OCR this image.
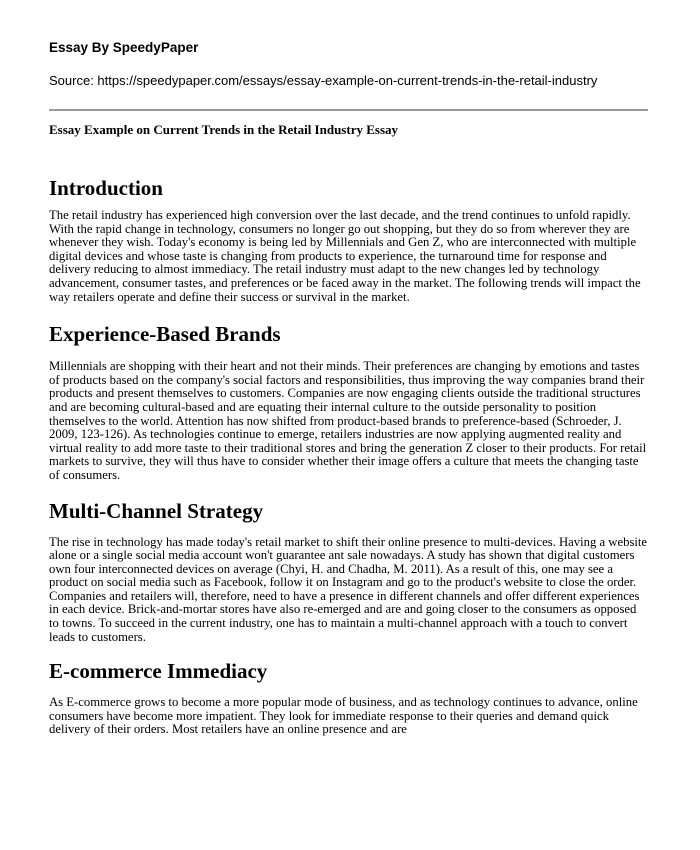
Essay By SpeedyPaper
Source: https://speedypaper.com/essays/essay-example-on-current-trends-in-the-retail-industry
Essay Example on Current Trends in the Retail Industry Essay
Introduction

The retail industry has experienced high conversion over the last decade, and the trend continues to unfold rapidly. With the rapid change in technology, consumers no longer go out shopping, but they do so from wherever they are whenever they wish. Today's economy is being led by Millennials and Gen Z, who are interconnected with multiple digital devices and whose taste is changing from products to experience, the turnaround time for response and delivery reducing to almost immediacy. The retail industry must adapt to the new changes led by technology advancement, consumer tastes, and preferences or be faced away in the market. The following trends will impact the way retailers operate and define their success or survival in the market.

Experience-Based Brands

Millennials are shopping with their heart and not their minds. Their preferences are changing by emotions and tastes of products based on the company's social factors and responsibilities, thus improving the way companies brand their products and present themselves to customers. Companies are now engaging clients outside the traditional structures and are becoming cultural-based and are equating their internal culture to the outside personality to position themselves to the world. Attention has now shifted from product-based brands to preference-based (Schroeder, J. 2009, 123-126). As technologies continue to emerge, retailers industries are now applying augmented reality and virtual reality to add more taste to their traditional stores and bring the generation Z closer to their products. For retail markets to survive, they will thus have to consider whether their image offers a culture that meets the changing taste of consumers.

Multi-Channel Strategy

The rise in technology has made today's retail market to shift their online presence to multi-devices. Having a website alone or a single social media account won't guarantee ant sale nowadays. A study has shown that digital customers own four interconnected devices on average (Chyi, H. and Chadha, M. 2011). As a result of this, one may see a product on social media such as Facebook, follow it on Instagram and go to the product's website to close the order. Companies and retailers will, therefore, need to have a presence in different channels and offer different experiences in each device. Brick-and-mortar stores have also re-emerged and are and going closer to the consumers as opposed to towns. To succeed in the current industry, one has to maintain a multi-channel approach with a touch to convert leads to customers.

E-commerce Immediacy

As E-commerce grows to become a more popular mode of business, and as technology continues to advance, online consumers have become more impatient. They look for immediate response to their queries and demand quick delivery of their orders. Most retailers have an online presence and are
